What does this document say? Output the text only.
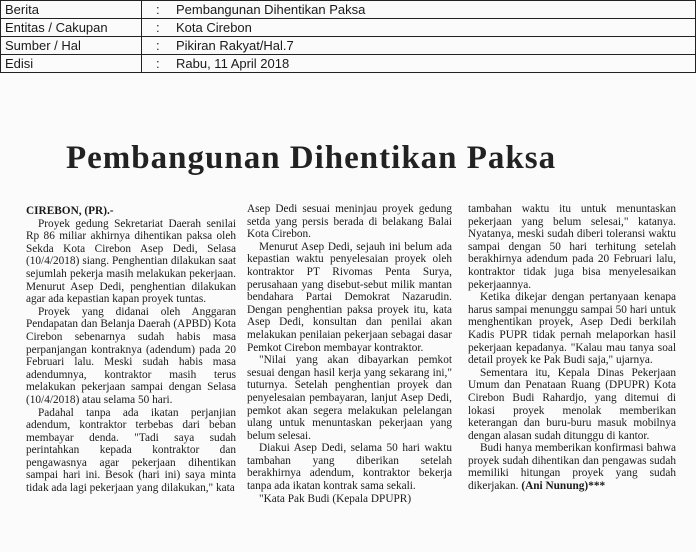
Berita	: Pembangunan Dihentikan Paksa
Entitas / Cakupan	: Kota Cirebon
Sumber / Hal	: Pikiran Rakyat/Hal.7
Edisi	: Rabu, 11 April 2018
Pembangunan Dihentikan Paksa

CIREBON, (PR).-

Proyek gedung Sekretariat Daerah senilai Rp 86 miliar akhirnya dihentikan paksa oleh Sekda Kota Cirebon Asep Dedi, Selasa (10/4/2018) siang. Penghentian dilakukan saat sejumlah pekerja masih melakukan pekerjaan. Menurut Asep Dedi, penghentian dilakukan agar ada kepastian kapan proyek tuntas.

Proyek yang didanai oleh Anggaran Pendapatan dan Belanja Daerah (APBD) Kota Cirebon sebenarnya sudah habis masa perpanjangan kontraknya (adendum) pada 20 Februari lalu. Meski sudah habis masa adendumnya, kontraktor masih terus melakukan pekerjaan sampai dengan Selasa (10/4/2018) atau selama 50 hari.

Padahal tanpa ada ikatan perjanjian adendum, kontraktor terbebas dari beban membayar denda. "Tadi saya sudah perintahkan kepada kontraktor dan pengawasnya agar pekerjaan dihentikan sampai hari ini. Besok (hari ini) saya minta tidak ada lagi pekerjaan yang dilakukan," kata

Asep Dedi sesuai meninjau proyek gedung setda yang persis berada di belakang Balai Kota Cirebon.

Menurut Asep Dedi, sejauh ini belum ada kepastian waktu penyelesaian proyek oleh kontraktor PT Rivomas Penta Surya, perusahaan yang disebut-sebut milik mantan bendahara Partai Demokrat Nazarudin. Dengan penghentian paksa proyek itu, kata Asep Dedi, konsultan dan penilai akan melakukan penilaian pekerjaan sebagai dasar Pemkot Cirebon membayar kontraktor.

"Nilai yang akan dibayarkan pemkot sesuai dengan hasil kerja yang sekarang ini," tuturnya. Setelah penghentian proyek dan penyelesaian pembayaran, lanjut Asep Dedi, pemkot akan segera melakukan pelelangan ulang untuk menuntaskan pekerjaan yang belum selesai.

Diakui Asep Dedi, selama 50 hari waktu tambahan yang diberikan setelah berakhirnya adendum, kontraktor bekerja tanpa ada ikatan kontrak sama sekali.

"Kata Pak Budi (Kepala DPUPR)

tambahan waktu itu untuk menuntaskan pekerjaan yang belum selesai," katanya. Nyatanya, meski sudah diberi toleransi waktu sampai dengan 50 hari terhitung setelah berakhirnya adendum pada 20 Februari lalu, kontraktor tidak juga bisa menyelesaikan pekerjaannya.

Ketika dikejar dengan pertanyaan kenapa harus sampai menunggu sampai 50 hari untuk menghentikan proyek, Asep Dedi berkilah Kadis PUPR tidak pernah melaporkan hasil pekerjaan kepadanya. "Kalau mau tanya soal detail proyek ke Pak Budi saja," ujarnya.

Sementara itu, Kepala Dinas Pekerjaan Umum dan Penataan Ruang (DPUPR) Kota Cirebon Budi Rahardjo, yang ditemui di lokasi proyek menolak memberikan keterangan dan buru-buru masuk mobilnya dengan alasan sudah ditunggu di kantor.

Budi hanya memberikan konfirmasi bahwa proyek sudah dihentikan dan pengawas sudah memiliki hitungan proyek yang sudah dikerjakan. (Ani Nunung)***
